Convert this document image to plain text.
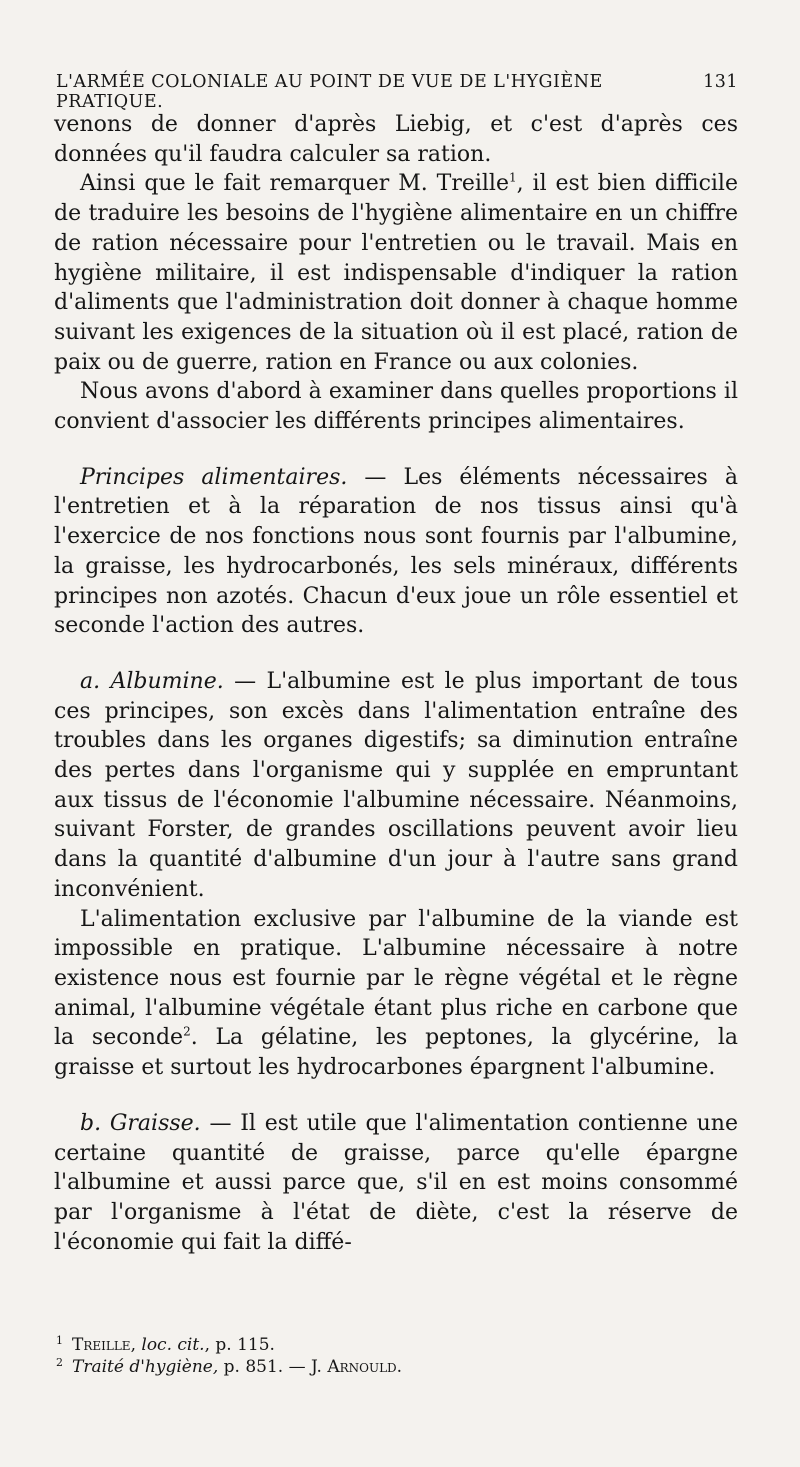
L'ARMÉE COLONIALE AU POINT DE VUE DE L'HYGIÈNE PRATIQUE.
131

venons de donner d'après Liebig, et c'est d'après ces données qu'il faudra calculer sa ration.

Ainsi que le fait remarquer M. Treille$^1$, il est bien difficile de traduire les besoins de l'hygiène alimentaire en un chiffre de ration nécessaire pour l'entretien ou le travail. Mais en hygiène militaire, il est indispensable d'indiquer la ration d'aliments que l'administration doit donner à chaque homme suivant les exigences de la situation où il est placé, ration de paix ou de guerre, ration en France ou aux colonies.

Nous avons d'abord à examiner dans quelles proportions il convient d'associer les différents principes alimentaires.

Principes alimentaires. — Les éléments nécessaires à l'entretien et à la réparation de nos tissus ainsi qu'à l'exercice de nos fonctions nous sont fournis par l'albumine, la graisse, les hydrocarbonés, les sels minéraux, différents principes non azotés. Chacun d'eux joue un rôle essentiel et seconde l'action des autres.

a. Albumine. — L'albumine est le plus important de tous ces principes, son excès dans l'alimentation entraîne des troubles dans les organes digestifs; sa diminution entraîne des pertes dans l'organisme qui y supplée en empruntant aux tissus de l'économie l'albumine nécessaire. Néanmoins, suivant Forster, de grandes oscillations peuvent avoir lieu dans la quantité d'albumine d'un jour à l'autre sans grand inconvénient.

L'alimentation exclusive par l'albumine de la viande est impossible en pratique. L'albumine nécessaire à notre existence nous est fournie par le règne végétal et le règne animal, l'albumine végétale étant plus riche en carbone que la seconde$^2$. La gélatine, les peptones, la glycérine, la graisse et surtout les hydrocarbones épargnent l'albumine.

b. Graisse. — Il est utile que l'alimentation contienne une certaine quantité de graisse, parce qu'elle épargne l'albumine et aussi parce que, s'il en est moins consommé par l'organisme à l'état de diète, c'est la réserve de l'économie qui fait la diffé-

1 Treille, loc. cit., p. 115.
2 Traité d'hygiène, p. 851. — J. Arnould.
